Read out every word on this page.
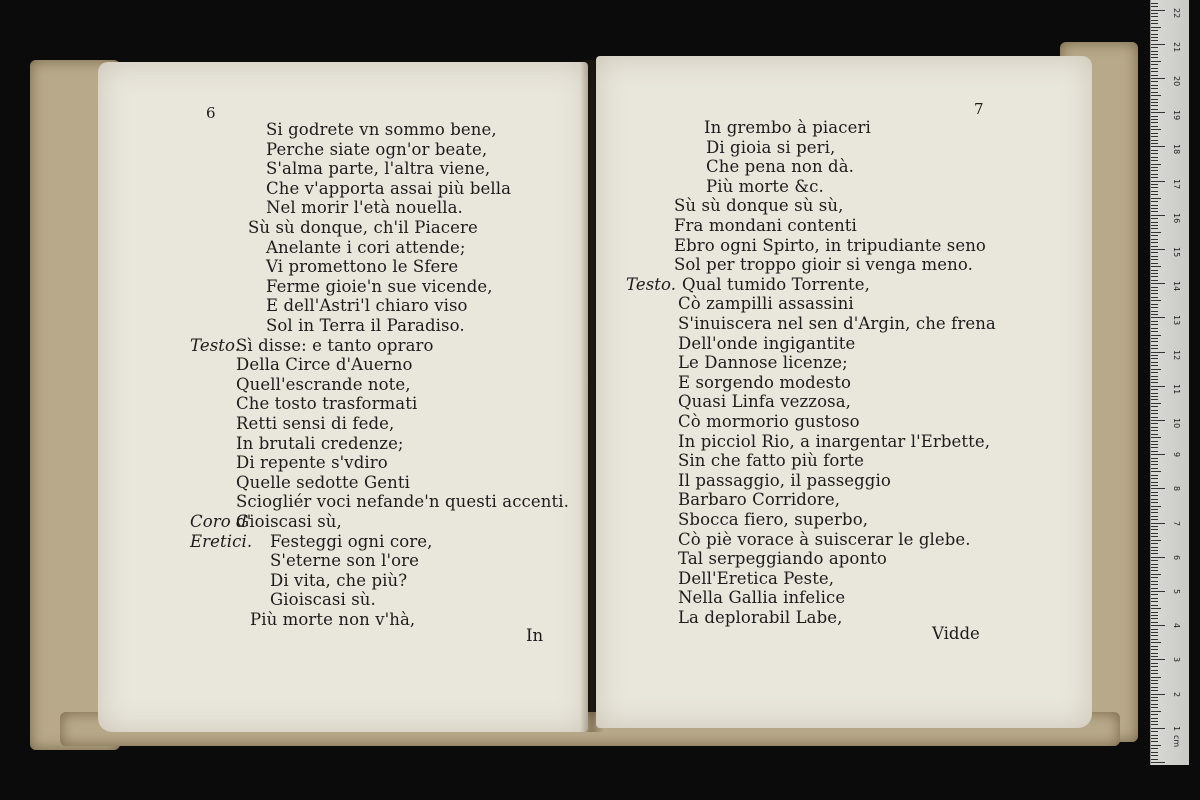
6
Si godrete vn sommo bene,
Perche siate ogn'or beate,
S'alma parte, l'altra viene,
Che v'apporta assai più bella
Nel morir l'età nouella.
Sù sù donque, ch'il Piacere
Anelante i cori attende;
Vi promettono le Sfere
Ferme gioie'n sue vicende,
E dell'Astri'l chiaro viso
Sol in Terra il Paradiso.
Testo.
Sì disse: e tanto opraro
Della Circe d'Auerno
Quell'escrande note,
Che tosto trasformati
Retti sensi di fede,
In brutali credenze;
Di repente s'vdiro
Quelle sedotte Genti
Sciogliér voci nefande'n questi accenti.
Coro d'
Gioiscasi sù,
Eretici. Festeggi ogni core,
S'eterne son l'ore
Di vita, che più?
Gioiscasi sù.
Più morte non v'hà,
In
7
In grembo à piaceri
Di gioia si peri,
Che pena non dà.
Più morte &c.
Sù sù donque sù sù,
Fra mondani contenti
Ebro ogni Spirto, in tripudiante seno
Sol per troppo gioir si venga meno.
Testo. Qual tumido Torrente,
Cò zampilli assassini
S'inuiscera nel sen d'Argin, che frena
Dell'onde ingigantite
Le Dannose licenze;
E sorgendo modesto
Quasi Linfa vezzosa,
Cò mormorio gustoso
In picciol Rio, a inargentar l'Erbette,
Sin che fatto più forte
Il passaggio, il passeggio
Barbaro Corridore,
Sbocca fiero, superbo,
Cò piè vorace à suiscerar le glebe.
Tal serpeggiando aponto
Dell'Eretica Peste,
Nella Gallia infelice
La deplorabil Labe,
Vidde
22
21
20
19
18
17
16
15
14
13
12
11
10
9
8
7
6
5
4
3
2
1
cm
